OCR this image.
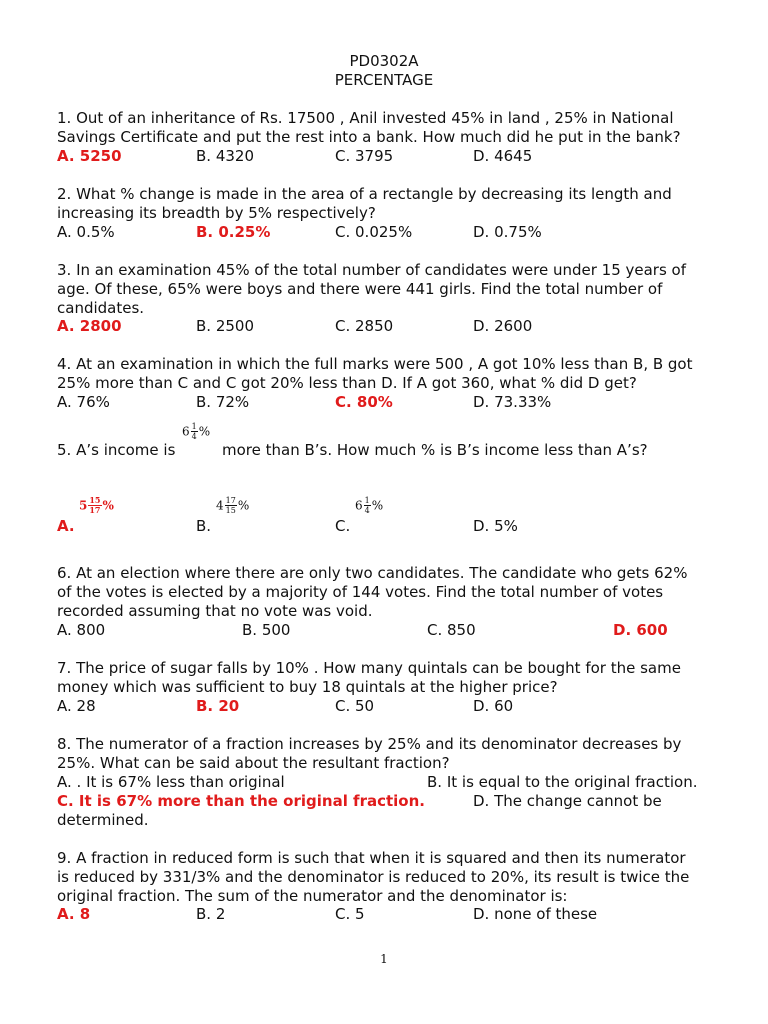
PD0302A
PERCENTAGE
1. Out of an inheritance of Rs. 17500 , Anil invested 45% in land , 25% in National
Savings Certificate and put the rest into a bank. How much did he put in the bank?
A. 5250	B. 4320	C. 3795	D. 4645
2. What % change is made in the area of a rectangle by decreasing its length and
increasing its breadth by 5% respectively?
A. 0.5%	B. 0.25%	C. 0.025%	D. 0.75%
3. In an examination 45% of the total number of candidates were under 15 years of
age. Of these, 65% were boys and there were 441 girls. Find the total number of
candidates.
A. 2800	B. 2500	C. 2850	D. 2600
4. At an examination in which the full marks were 500 , A got 10% less than B, B got
25% more than C and C got 20% less than D. If A got 360, what % did D get?
A. 76%	B. 72%	C. 80%	D. 73.33%
$6 \frac{1}{4}$ %
5. A’s income is	more than B’s. How much % is B’s income less than A’s?
$5 \frac{15}{17}$ %	$4 \frac{17}{15}$ %	$6 \frac{1}{4}$ %
A.	B.	C.	D. 5%
6. At an election where there are only two candidates. The candidate who gets 62%
of the votes is elected by a majority of 144 votes. Find the total number of votes
recorded assuming that no vote was void.
A. 800	B. 500	C. 850	D. 600
7. The price of sugar falls by 10% . How many quintals can be bought for the same
money which was sufficient to buy 18 quintals at the higher price?
A. 28	B. 20	C. 50	D. 60
8. The numerator of a fraction increases by 25% and its denominator decreases by
25%. What can be said about the resultant fraction?
A. . It is 67% less than original	B. It is equal to the original fraction.
C. It is 67% more than the original fraction.	D. The change cannot be
determined.
9. A fraction in reduced form is such that when it is squared and then its numerator
is reduced by 331/3% and the denominator is reduced to 20%, its result is twice the
original fraction. The sum of the numerator and the denominator is:
A. 8	B. 2	C. 5	D. none of these
1
